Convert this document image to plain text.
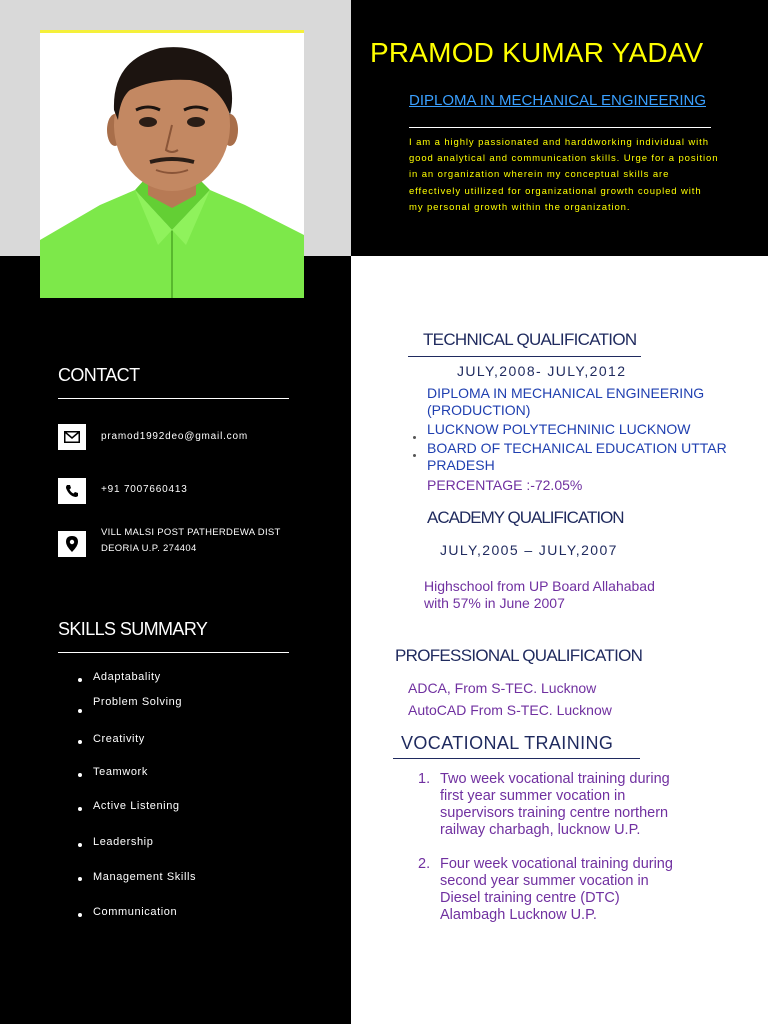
PRAMOD KUMAR YADAV
DIPLOMA IN MECHANICAL ENGINEERING
I am a highly passionated and harddworking individual with good analytical and communication skills. Urge for a position in an organization wherein my conceptual skills are effectively utillized for organizational growth coupled with my personal growth within the organization.
CONTACT
pramod1992deo@gmail.com
+91 7007660413
VILL MALSI POST PATHERDEWA DIST
DEORIA U.P. 274404
SKILLS SUMMARY
Adaptabality
Problem Solving
Creativity
Teamwork
Active Listening
Leadership
Management Skills
Communication
TECHNICAL QUALIFICATION
JULY,2008- JULY,2012
DIPLOMA IN MECHANICAL ENGINEERING
(PRODUCTION)
LUCKNOW POLYTECHNINIC LUCKNOW
BOARD OF TECHANICAL EDUCATION UTTAR
PRADESH
PERCENTAGE :-72.05%
ACADEMY QUALIFICATION
JULY,2005 – JULY,2007
Highschool from UP Board Allahabad
with 57% in June 2007
PROFESSIONAL QUALIFICATION
ADCA, From S-TEC. Lucknow
AutoCAD From S-TEC. Lucknow
VOCATIONAL TRAINING
1. Two week vocational training during
first year summer vocation in
supervisors training centre northern
railway charbagh, lucknow U.P.
2. Four week vocational training during
second year summer vocation in
Diesel training centre (DTC)
Alambagh Lucknow U.P.
